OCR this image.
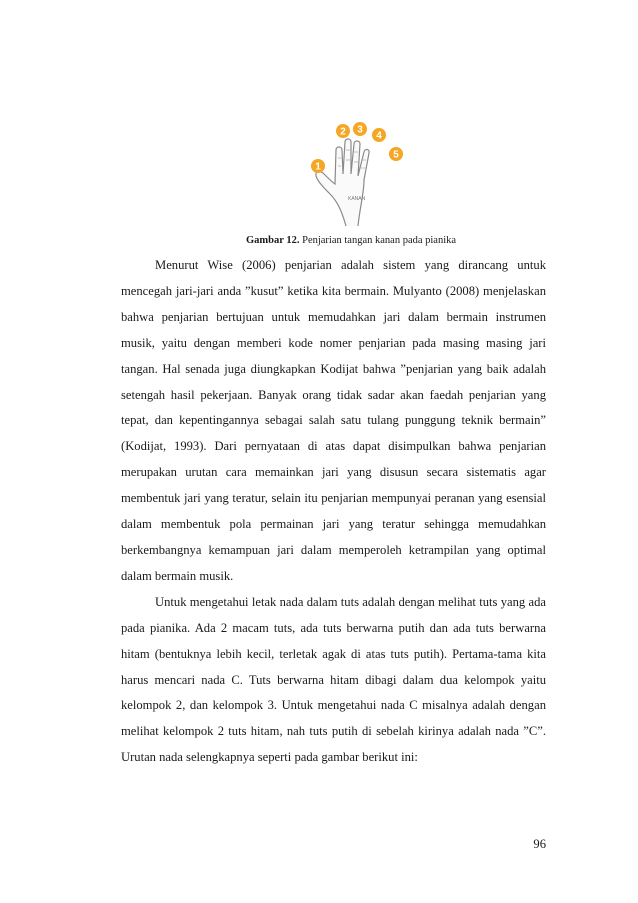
KANAN
1
2 3
4
5
Gambar 12. Penjarian tangan kanan pada pianika

Menurut Wise (2006) penjarian adalah sistem yang dirancang untuk mencegah jari-jari anda ”kusut” ketika kita bermain. Mulyanto (2008) menjelaskan bahwa penjarian bertujuan untuk memudahkan jari dalam bermain instrumen musik, yaitu dengan memberi kode nomer penjarian pada masing masing jari tangan. Hal senada juga diungkapkan Kodijat bahwa ”penjarian yang baik adalah setengah hasil pekerjaan. Banyak orang tidak sadar akan faedah penjarian yang tepat, dan kepentingannya sebagai salah satu tulang punggung teknik bermain” (Kodijat, 1993). Dari pernyataan di atas dapat disimpulkan bahwa penjarian merupakan urutan cara memainkan jari yang disusun secara sistematis agar membentuk jari yang teratur, selain itu penjarian mempunyai peranan yang esensial dalam membentuk pola permainan jari yang teratur sehingga memudahkan berkembangnya kemampuan jari dalam memperoleh ketrampilan yang optimal dalam bermain musik.

Untuk mengetahui letak nada dalam tuts adalah dengan melihat tuts yang ada pada pianika. Ada 2 macam tuts, ada tuts berwarna putih dan ada tuts berwarna hitam (bentuknya lebih kecil, terletak agak di atas tuts putih). Pertama-tama kita harus mencari nada C. Tuts berwarna hitam dibagi dalam dua kelompok yaitu kelompok 2, dan kelompok 3. Untuk mengetahui nada C misalnya adalah dengan melihat kelompok 2 tuts hitam, nah tuts putih di sebelah kirinya adalah nada ”C”. Urutan nada selengkapnya seperti pada gambar berikut ini:

96
